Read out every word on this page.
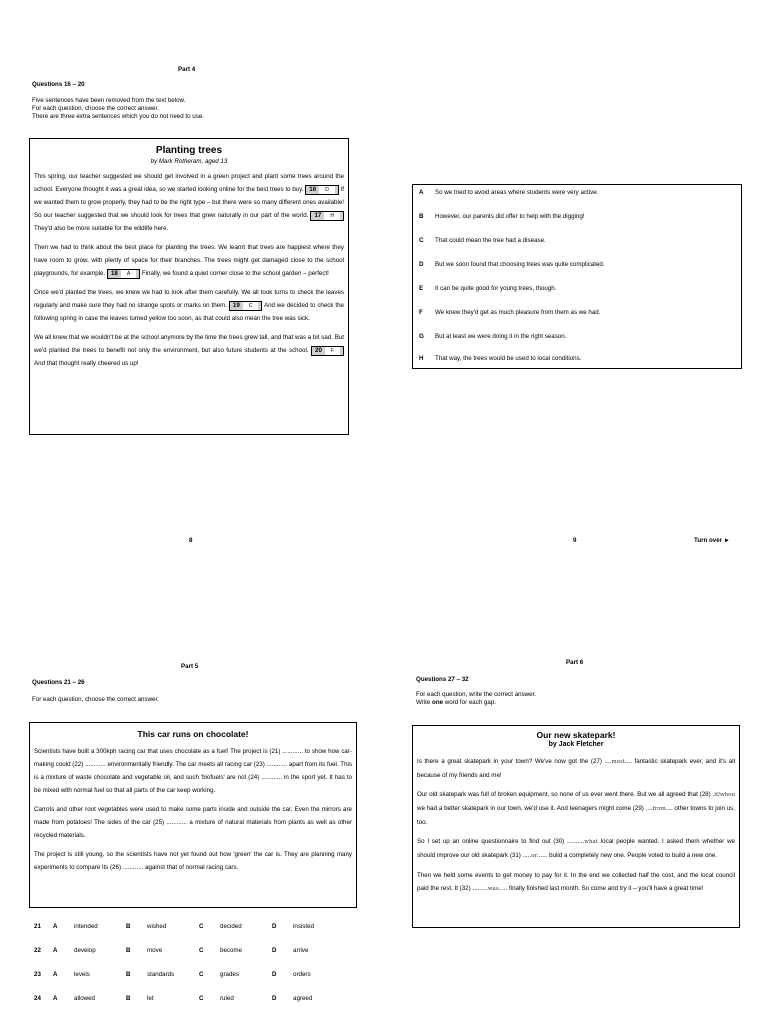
Part 4
Questions 16 – 20
Five sentences have been removed from the text below.
For each question, choose the correct answer.
There are three extra sentences which you do not need to use.
Planting trees
by Mark Rotheram, aged 13

This spring, our teacher suggested we should get involved in a green project and plant some trees around the school. Everyone thought it was a great idea, so we started looking online for the best trees to buy. 16 D If we wanted them to grow properly, they had to be the right type – but there were so many different ones available! So our teacher suggested that we should look for trees that grew naturally in our part of the world. 17 H They'd also be more suitable for the wildlife here.

Then we had to think about the best place for planting the trees. We learnt that trees are happiest where they have room to grow, with plenty of space for their branches. The trees might get damaged close to the school playgrounds, for example. 18 A Finally, we found a quiet corner close to the school garden – perfect!

Once we'd planted the trees, we knew we had to look after them carefully. We all took turns to check the leaves regularly and make sure they had no strange spots or marks on them. 19 C And we decided to check the following spring in case the leaves turned yellow too soon, as that could also mean the tree was sick.

We all knew that we wouldn't be at the school anymore by the time the trees grew tall, and that was a bit sad. But we'd planted the trees to benefit not only the environment, but also future students at the school. 20 F And that thought really cheered us up!

8
A So we tried to avoid areas where students were very active.
B However, our parents did offer to help with the digging!
C That could mean the tree had a disease.
D But we soon found that choosing trees was quite complicated.
E It can be quite good for young trees, though.
F We knew they'd get as much pleasure from them as we had.
G But at least we were doing it in the right season.
H That way, the trees would be used to local conditions.
9	Turn over ►
Part 5
Questions 21 – 26
For each question, choose the correct answer.
This car runs on chocolate!

Scientists have built a 300kph racing car that uses chocolate as a fuel! The project is (21) ............ to show how car-making could (22) ............ environmentally friendly. The car meets all racing car (23) ............ apart from its fuel. This is a mixture of waste chocolate and vegetable oil, and such 'biofuels' are not (24) ............ in the sport yet. It has to be mixed with normal fuel so that all parts of the car keep working.

Carrots and other root vegetables were used to make some parts inside and outside the car. Even the mirrors are made from potatoes! The sides of the car (25) ............ a mixture of natural materials from plants as well as other recycled materials.

The project is still young, so the scientists have not yet found out how 'green' the car is. They are planning many experiments to compare its (26) ............ against that of normal racing cars.

21	A	intended	B	wished	C	decided	D	insisted
22	A	develop	B	move	C	become	D	arrive
23	A	levels	B	standards	C	grades	D	orders
24	A	allowed	B	let	C	ruled	D	agreed
Part 6
Questions 27 – 32
For each question, write the correct answer.
Write one word for each gap.
Our new skatepark!
by Jack Fletcher

Is there a great skatepark in your town? We've now got the (27) ....most.... fantastic skatepark ever, and it's all because of my friends and me!

Our old skatepark was full of broken equipment, so none of us ever went there. But we all agreed that (28) .if/when we had a better skatepark in our town, we'd use it. And teenagers might come (29) ....from.... other towns to join us, too.

So I set up an online questionnaire to find out (30) ..........what local people wanted. I asked them whether we should improve our old skatepark (31) .....or...... build a completely new one. People voted to build a new one.

Then we held some events to get money to pay for it. In the end we collected half the cost, and the local council paid the rest. It (32) .........was..... finally finished last month. So come and try it – you'll have a great time!
